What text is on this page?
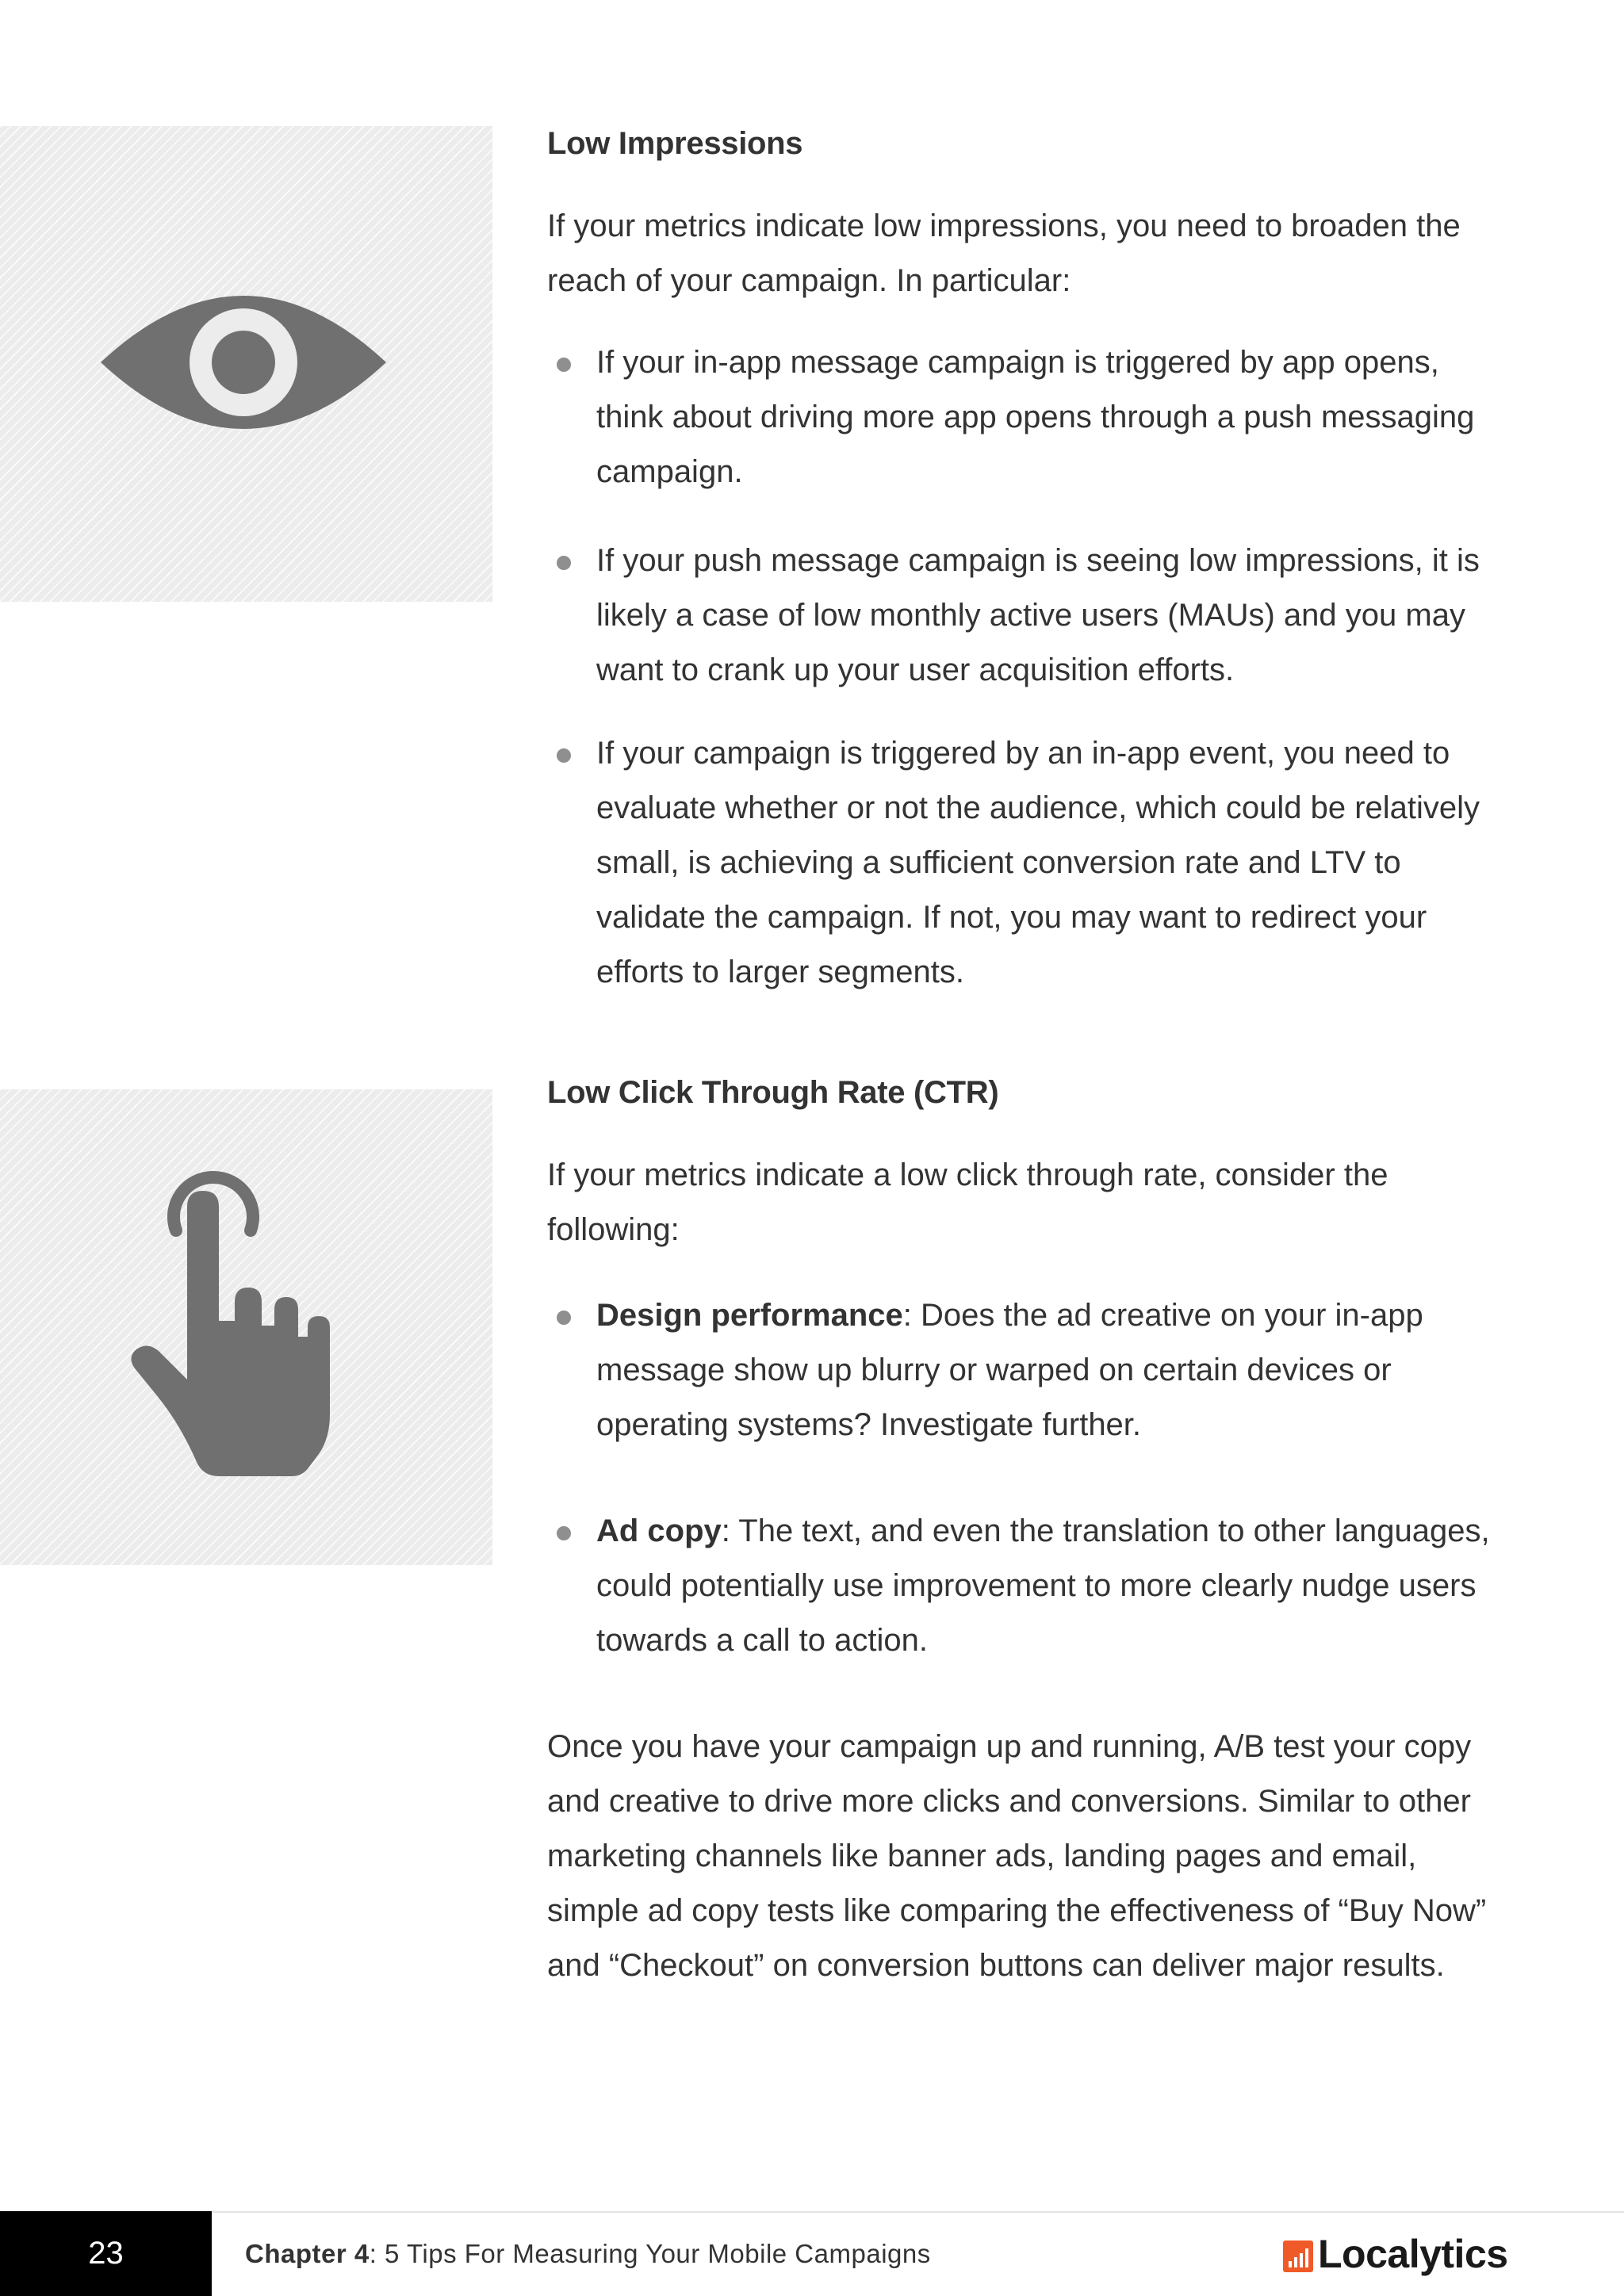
Low Impressions

If your metrics indicate low impressions, you need to broaden the reach of your campaign. In particular:

If your in-app message campaign is triggered by app opens, think about driving more app opens through a push messaging campaign.
If your push message campaign is seeing low impressions, it is likely a case of low monthly active users (MAUs) and you may want to crank up your user acquisition efforts.
If your campaign is triggered by an in-app event, you need to evaluate whether or not the audience, which could be relatively small, is achieving a sufficient conversion rate and LTV to validate the campaign. If not, you may want to redirect your efforts to larger segments.
Low Click Through Rate (CTR)

If your metrics indicate a low click through rate, consider the following:

Design performance: Does the ad creative on your in-app message show up blurry or warped on certain devices or operating systems? Investigate further.
Ad copy: The text, and even the translation to other languages, could potentially use improvement to more clearly nudge users towards a call to action.

Once you have your campaign up and running, A/B test your copy and creative to drive more clicks and conversions. Similar to other marketing channels like banner ads, landing pages and email, simple ad copy tests like comparing the effectiveness of “Buy Now” and “Checkout” on conversion buttons can deliver major results.

23	Chapter 4 : 5 Tips For Measuring Your Mobile Campaigns	Localytics
